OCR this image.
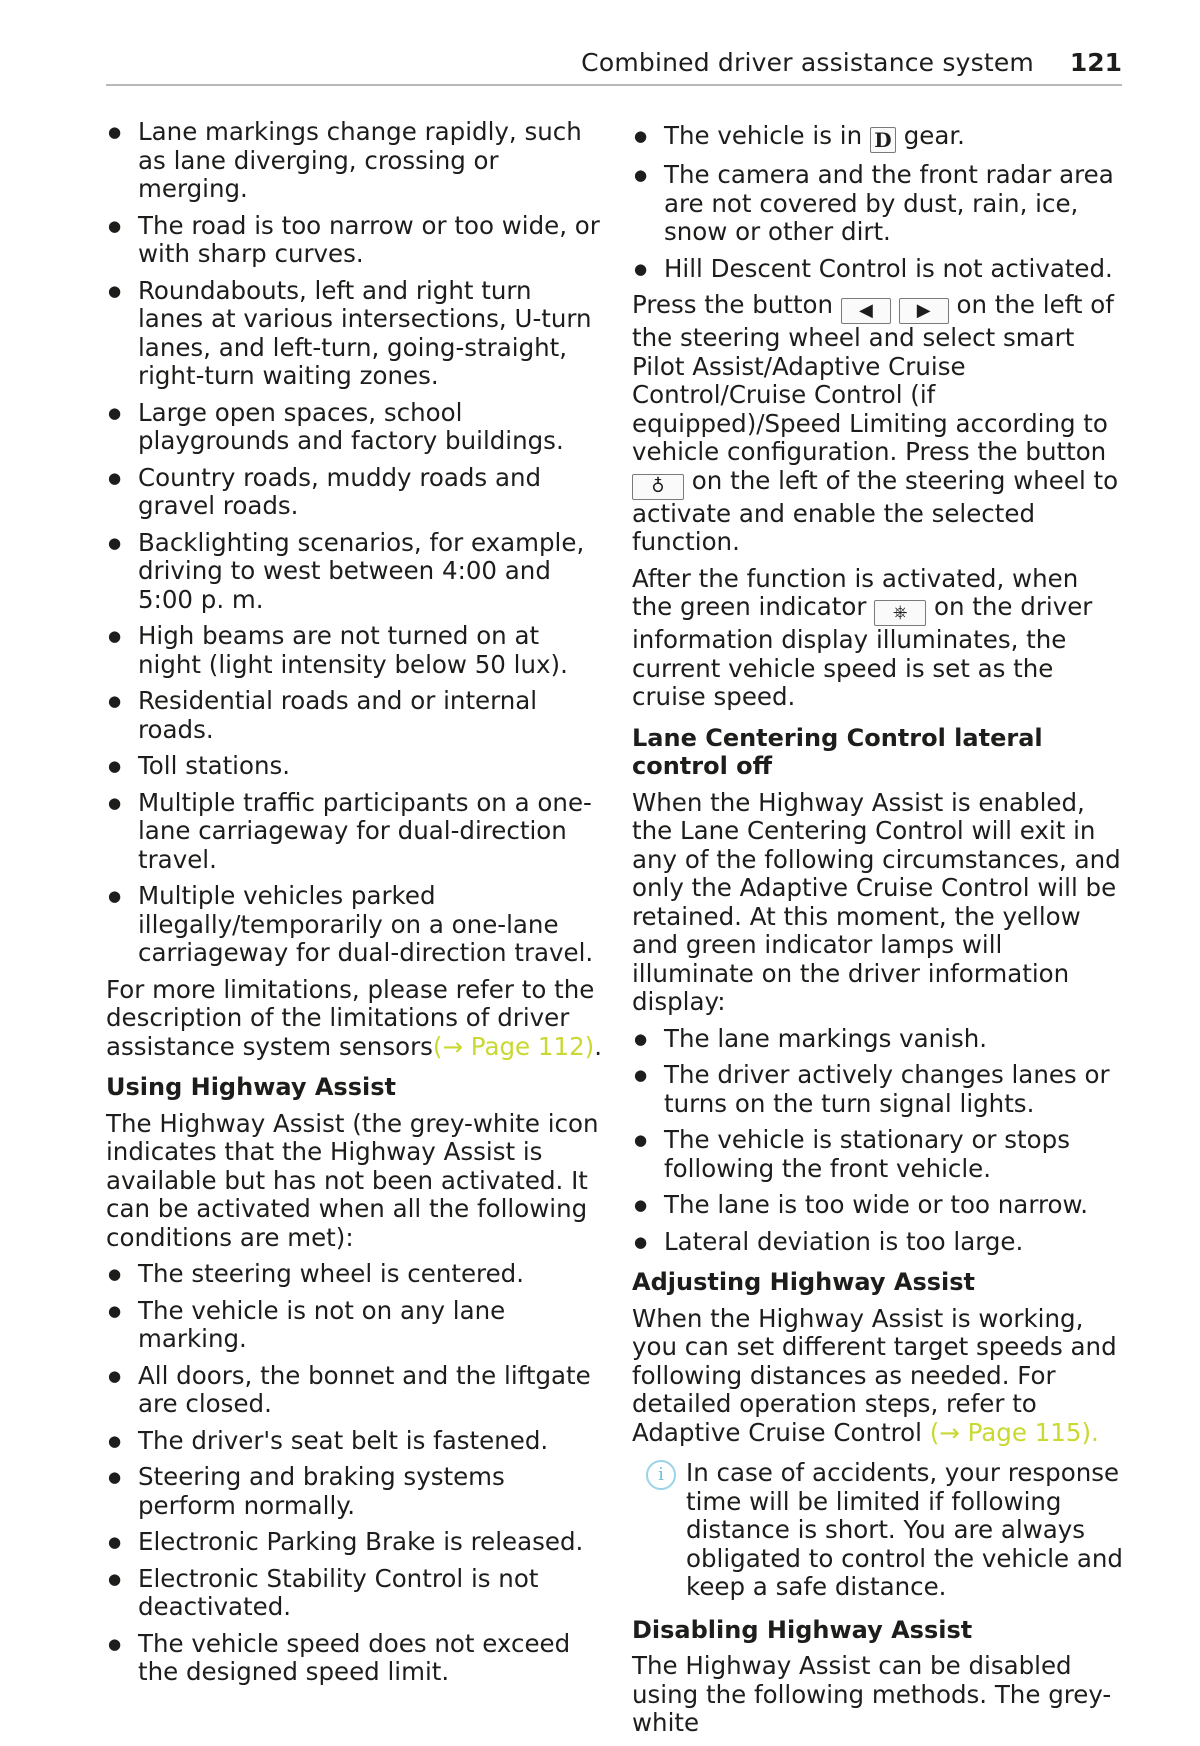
Combined driver assistance system 121
● Lane markings change rapidly, such as lane diverging, crossing or merging.
● The road is too narrow or too wide, or with sharp curves.
● Roundabouts, left and right turn lanes at various intersections, U-turn lanes, and left-turn, going-straight, right-turn waiting zones.
● Large open spaces, school playgrounds and factory buildings.
● Country roads, muddy roads and gravel roads.
● Backlighting scenarios, for example, driving to west between 4:00 and 5:00 p. m.
● High beams are not turned on at night (light intensity below 50 lux).
● Residential roads and or internal roads.
● Toll stations.
● Multiple traffic participants on a one-lane carriageway for dual-direction travel.
● Multiple vehicles parked illegally/temporarily on a one-lane carriageway for dual-direction travel.

For more limitations, please refer to the description of the limitations of driver assistance system sensors(→ Page 112).

Using Highway Assist

The Highway Assist (the grey-white icon indicates that the Highway Assist is available but has not been activated. It can be activated when all the following conditions are met):

● The steering wheel is centered.
● The vehicle is not on any lane marking.
● All doors, the bonnet and the liftgate are closed.
● The driver's seat belt is fastened.
● Steering and braking systems perform normally.
● Electronic Parking Brake is released.
● Electronic Stability Control is not deactivated.
● The vehicle speed does not exceed the designed speed limit.
● The vehicle is in D gear.
● The camera and the front radar area are not covered by dust, rain, ice, snow or other dirt.
● Hill Descent Control is not activated.

Press the button ◀ ▶ on the left of the steering wheel and select smart Pilot Assist/Adaptive Cruise Control/Cruise Control (if equipped)/Speed Limiting according to vehicle configuration. Press the button ♁ on the left of the steering wheel to activate and enable the selected function.

After the function is activated, when the green indicator ⎈ on the driver information display illuminates, the current vehicle speed is set as the cruise speed.

Lane Centering Control lateral control off

When the Highway Assist is enabled, the Lane Centering Control will exit in any of the following circumstances, and only the Adaptive Cruise Control will be retained. At this moment, the yellow and green indicator lamps will illuminate on the driver information display:

● The lane markings vanish.
● The driver actively changes lanes or turns on the turn signal lights.
● The vehicle is stationary or stops following the front vehicle.
● The lane is too wide or too narrow.
● Lateral deviation is too large.
Adjusting Highway Assist

When the Highway Assist is working, you can set different target speeds and following distances as needed. For detailed operation steps, refer to Adaptive Cruise Control (→ Page 115).

i In case of accidents, your response time will be limited if following distance is short. You are always obligated to control the vehicle and keep a safe distance.
Disabling Highway Assist

The Highway Assist can be disabled using the following methods. The grey-white
